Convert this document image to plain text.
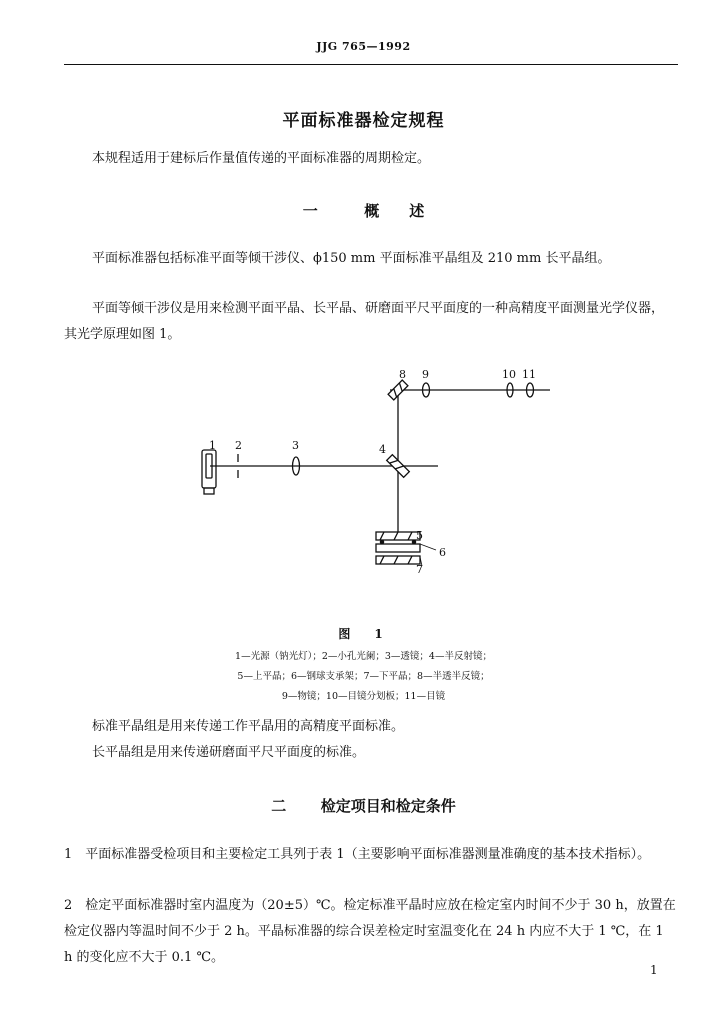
JJG 765—1992
平面标准器检定规程

本规程适用于建标后作量值传递的平面标准器的周期检定。

一	概　　述

平面标准器包括标准平面等倾干涉仪、ϕ150 mm 平面标准平晶组及 210 mm 长平晶组。

平面等倾干涉仪是用来检测平面平晶、长平晶、研磨面平尺平面度的一种高精度平面测量光学仪器，其光学原理如图 1。

1 2	3	4
5
6
7
8 9	10 11
图　1
1—光源（钠光灯）；2—小孔光阑；3—透镜；4—半反射镜；
5—上平晶；6—钢球支承架；7—下平晶；8—半透半反镜；
9—物镜；10—目镜分划板；11—目镜

标准平晶组是用来传递工作平晶用的高精度平面标准。

长平晶组是用来传递研磨面平尺平面度的标准。

二 检定项目和检定条件

1　平面标准器受检项目和主要检定工具列于表 1（主要影响平面标准器测量准确度的基本技术指标）。

2　检定平面标准器时室内温度为（20±5）℃。检定标准平晶时应放在检定室内时间不少于 30 h，放置在检定仪器内等温时间不少于 2 h。平晶标准器的综合误差检定时室温变化在 24 h 内应不大于 1 ℃，在 1 h 的变化应不大于 0.1 ℃。

1
